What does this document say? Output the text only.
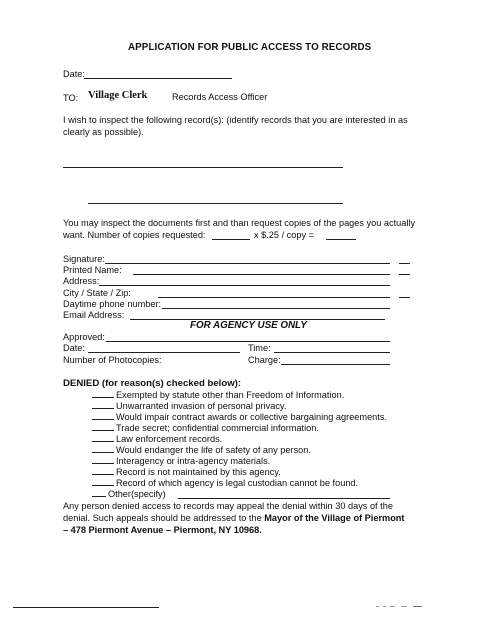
APPLICATION FOR PUBLIC ACCESS TO RECORDS
Date:
TO: Village Clerk	Records Access Officer
I wish to inspect the following record(s): (identify records that you are interested in as
clearly as possible).
You may inspect the documents first and than request copies of the pages you actually
want. Number of copies requested:	x $.25 / copy =
Signature:
Printed Name:
Address:
City / State / Zip:
Daytime phone number:
Email Address:
FOR AGENCY USE ONLY
Approved:
Date:	Time:
Number of Photocopies:	Charge:
DENIED (for reason(s) checked below):
Exempted by statute other than Freedom of Information.
Unwarranted invasion of personal privacy.
Would impair contract awards or collective bargaining agreements.
Trade secret; confidential commercial information.
Law enforcement records.
Would endanger the life of safety of any person.
Interagency or intra-agency materials.
Record is not maintained by this agency.
Record of which agency is legal custodian cannot be found.
Other(specify)
Any person denied access to records may appeal the denial within 30 days of the
denial. Such appeals should be addressed to the Mayor of the Village of Piermont
– 478 Piermont Avenue – Piermont, NY 10968.
